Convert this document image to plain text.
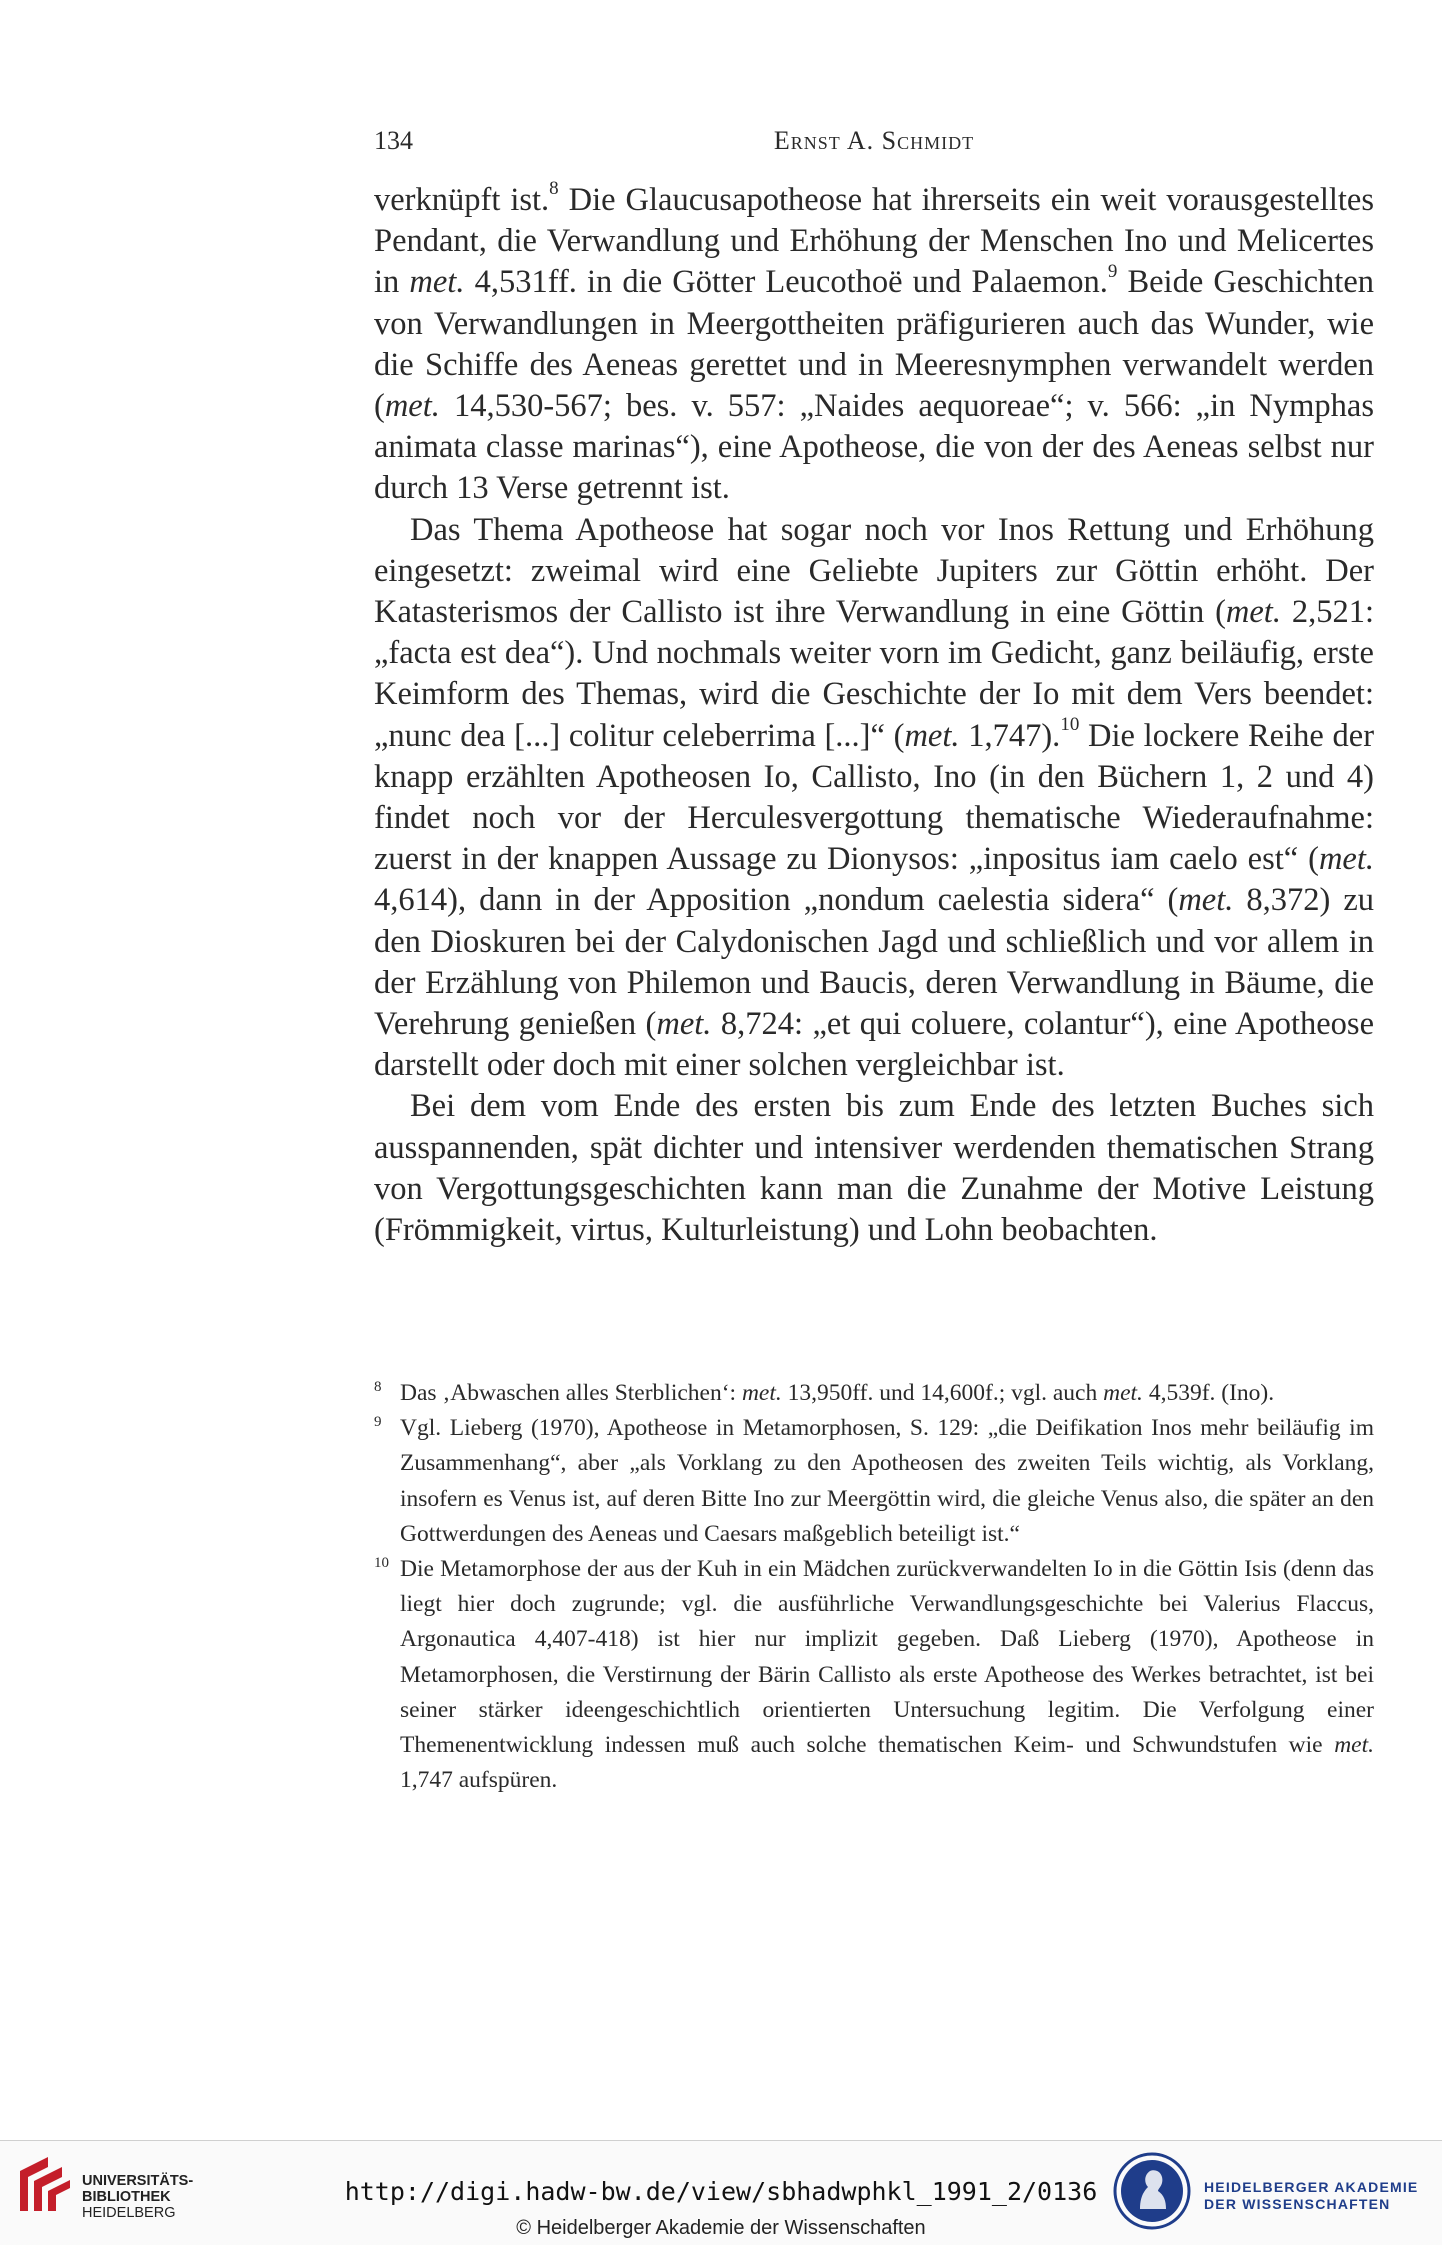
134	Ernst A. Schmidt

verknüpft ist.$^8$ Die Glaucusapotheose hat ihrerseits ein weit vorausgestelltes Pendant, die Verwandlung und Erhöhung der Menschen Ino und Melicertes in met. 4,531ff. in die Götter Leucothoë und Palaemon.$^9$ Beide Geschichten von Verwandlungen in Meergottheiten präfigurieren auch das Wunder, wie die Schiffe des Aeneas gerettet und in Meeresnymphen verwandelt werden (met. 14,530-567; bes. v. 557: „Naides aequoreae“; v. 566: „in Nymphas animata classe marinas“), eine Apotheose, die von der des Aeneas selbst nur durch 13 Verse getrennt ist.

Das Thema Apotheose hat sogar noch vor Inos Rettung und Erhöhung eingesetzt: zweimal wird eine Geliebte Jupiters zur Göttin erhöht. Der Katasterismos der Callisto ist ihre Verwandlung in eine Göttin (met. 2,521: „facta est dea“). Und nochmals weiter vorn im Gedicht, ganz beiläufig, erste Keimform des Themas, wird die Geschichte der Io mit dem Vers beendet: „nunc dea [...] colitur celeberrima [...]“ (met. 1,747).$^{10}$ Die lockere Reihe der knapp erzählten Apotheosen Io, Callisto, Ino (in den Büchern 1, 2 und 4) findet noch vor der Herculesvergottung thematische Wiederaufnahme: zuerst in der knappen Aussage zu Dionysos: „inpositus iam caelo est“ (met. 4,614), dann in der Apposition „nondum caelestia sidera“ (met. 8,372) zu den Dioskuren bei der Calydonischen Jagd und schließlich und vor allem in der Erzählung von Philemon und Baucis, deren Verwandlung in Bäume, die Verehrung genießen (met. 8,724: „et qui coluere, colantur“), eine Apotheose darstellt oder doch mit einer solchen vergleichbar ist.

Bei dem vom Ende des ersten bis zum Ende des letzten Buches sich ausspannenden, spät dichter und intensiver werdenden thematischen Strang von Vergottungsgeschichten kann man die Zunahme der Motive Leistung (Frömmigkeit, virtus, Kulturleistung) und Lohn beobachten.

8 Das ‚Abwaschen alles Sterblichen‘: met. 13,950ff. und 14,600f.; vgl. auch met. 4,539f. (Ino).

9 Vgl. Lieberg (1970), Apotheose in Metamorphosen, S. 129: „die Deifikation Inos mehr beiläufig im Zusammenhang“, aber „als Vorklang zu den Apotheosen des zweiten Teils wichtig, als Vorklang, insofern es Venus ist, auf deren Bitte Ino zur Meergöttin wird, die gleiche Venus also, die später an den Gottwerdungen des Aeneas und Caesars maßgeblich beteiligt ist.“

10 Die Metamorphose der aus der Kuh in ein Mädchen zurückverwandelten Io in die Göttin Isis (denn das liegt hier doch zugrunde; vgl. die ausführliche Verwandlungsgeschichte bei Valerius Flaccus, Argonautica 4,407-418) ist hier nur implizit gegeben. Daß Lieberg (1970), Apotheose in Metamorphosen, die Verstirnung der Bärin Callisto als erste Apotheose des Werkes betrachtet, ist bei seiner stärker ideengeschichtlich orientierten Untersuchung legitim. Die Verfolgung einer Themenentwicklung indessen muß auch solche thematischen Keim- und Schwundstufen wie met. 1,747 aufspüren.

UNIVERSITÄTS-
BIBLIOTHEK
HEIDELBERG
http://digi.hadw-bw.de/view/sbhadwphkl_1991_2/0136
© Heidelberger Akademie der Wissenschaften
HEIDELBERGER AKADEMIE
DER WISSENSCHAFTEN
